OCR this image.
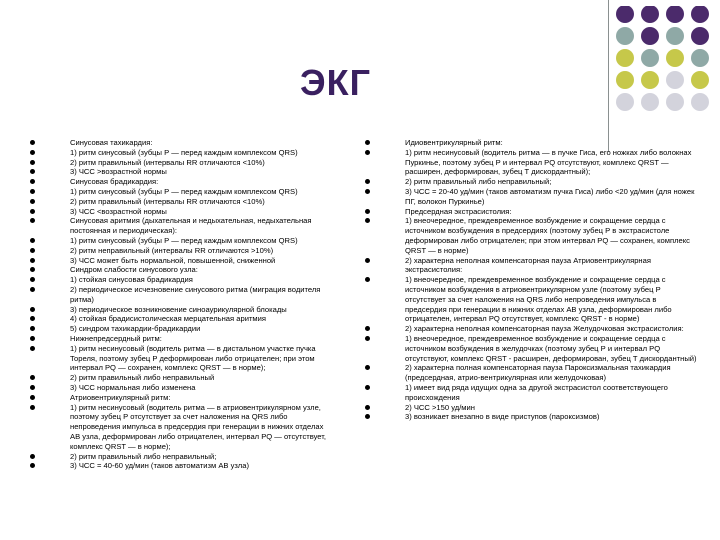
ЭКГ
Синусовая тахикардия:
1) ритм синусовый (зубцы Р — перед каждым комплексом QRS)
2) ритм правильный (интервалы RR отличаются <10%)
3) ЧСС >возрастной нормы
Синусовая брадикардия:
1) ритм синусовый (зубцы Р — перед каждым комплексом QRS)
2) ритм правильный (интервалы RR отличаются <10%)
3) ЧСС <возрастной нормы
Синусовая аритмия (дыхательная и недыхательная, недыхательная постоянная и периодическая):
1) ритм синусовый (зубцы Р — перед каждым комплексом QRS)
2) ритм неправильный (интервалы RR отличаются >10%)
3) ЧСС может быть нормальной, повышенной, сниженной
Синдром слабости синусового узла:
1) стойкая синусовая брадикардия
2) периодическое исчезновение синусового ритма (миграция водителя ритма)
3) периодическое возникновение синоаурикулярной блокады
4) стойкая брадисистолическая мерцательная аритмия
5) синдром тахикардии-брадикардии
Нижнепредсердный ритм:
1) ритм несинусовый (водитель ритма — в дистальном участке пучка Тореля, поэтому зубец Р деформирован либо отрицателен; при этом интервал PQ — сохранен, комплекс QRST — в норме);
2) ритм правильный либо неправильный
3) ЧСС нормальная либо изменена
Атриовентрикулярный ритм:
1) ритм несинусовый (водитель ритма — в атриовентрикулярном узле, поэтому зубец Р отсутствует за счет наложения на QRS либо непроведения импульса в предсердия при генерации в нижних отделах АВ узла, деформирован либо отрицателен, интервал PQ — отсутствует, комплекс QRST — в норме);
2) ритм правильный либо неправильный;
3) ЧСС = 40-60 уд/мин (таков автоматизм АВ узла)
Идиовентрикулярный ритм:
1) ритм несинусовый (водитель ритма — в пучке Гиса, его ножках либо волокнах Пуркинье, поэтому зубец Р и интервал PQ отсутствуют, комплекс QRST — расширен, деформирован, зубец Т дискордантный);
2) ритм правильный либо неправильный;
3) ЧСС = 20-40 уд/мин (таков автоматизм пучка Гиса) либо <20 уд/мин (для ножек ПГ, волокон Пуркинье)
Предсердная экстрасистолия:
1) внеочередное, преждевременное возбуждение и сокращение сердца с источником возбуждения в предсердиях (поэтому зубец Р в экстрасистоле деформирован либо отрицателен; при этом интервал PQ — сохранен, комплекс QRST — в норме)
2) характерна неполная компенсаторная пауза Атриовентрикулярная экстрасистолия:
1) внеочередное, преждевременное возбуждение и сокращение сердца с источником возбуждения в атриовентрикулярном узле (поэтому зубец Р отсутствует за счет наложения на QRS либо непроведения импульса в предсердия при генерации в нижних отделах АВ узла, деформирован либо отрицателен, интервал PQ отсутствует, комплекс QRST - в норме)
2) характерна неполная компенсаторная пауза Желудочковая экстрасистолия:
1) внеочередное, преждевременное возбуждение и сокращение сердца с источником возбуждения в желудочках (поэтому зубец Р и интервал PQ отсутствуют, комплекс QRST - расширен, деформирован, зубец Т дискордантный)
2) характерна полная компенсаторная пауза Пароксизмальная тахикардия (предсердная, атрио-вентрикулярная или желудочковая)
1) имеет вид ряда идущих одна за другой экстрасистол соответствующего происхождения
2) ЧСС >150 уд/мин
3) возникает внезапно в виде приступов (пароксизмов)
